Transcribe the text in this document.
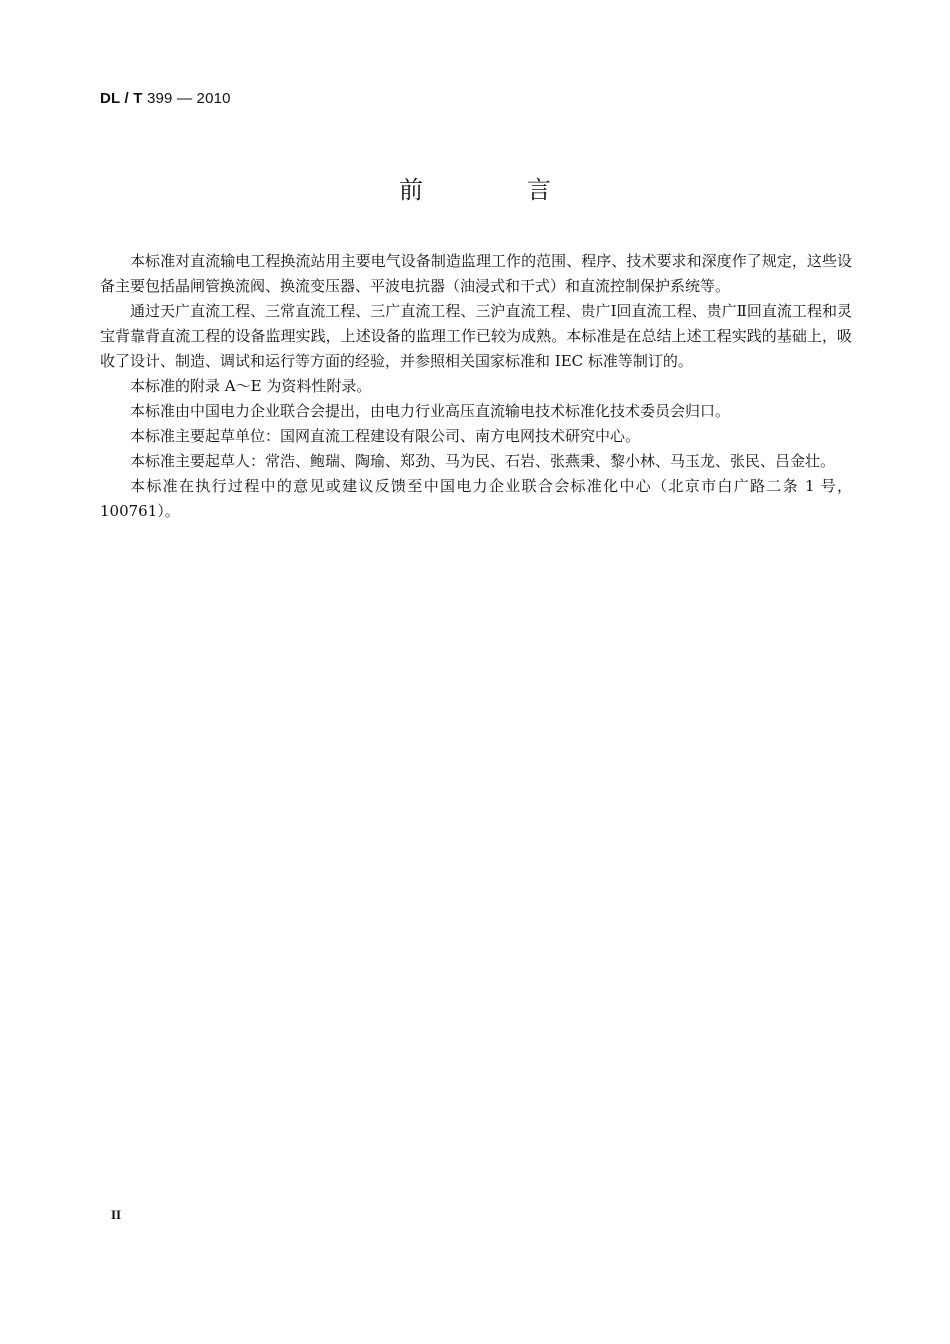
DL / T 399 — 2010
前　言

本标准对直流输电工程换流站用主要电气设备制造监理工作的范围、程序、技术要求和深度作了规定，这些设备主要包括晶闸管换流阀、换流变压器、平波电抗器（油浸式和干式）和直流控制保护系统等。

通过天广直流工程、三常直流工程、三广直流工程、三沪直流工程、贵广Ⅰ回直流工程、贵广Ⅱ回直流工程和灵宝背靠背直流工程的设备监理实践，上述设备的监理工作已较为成熟。本标准是在总结上述工程实践的基础上，吸收了设计、制造、调试和运行等方面的经验，并参照相关国家标准和 IEC 标准等制订的。

本标准的附录 A～E 为资料性附录。

本标准由中国电力企业联合会提出，由电力行业高压直流输电技术标准化技术委员会归口。

本标准主要起草单位：国网直流工程建设有限公司、南方电网技术研究中心。

本标准主要起草人：常浩、鲍瑞、陶瑜、郑劲、马为民、石岩、张燕秉、黎小林、马玉龙、张民、吕金壮。

本标准在执行过程中的意见或建议反馈至中国电力企业联合会标准化中心（北京市白广路二条 1 号，100761）。

II
